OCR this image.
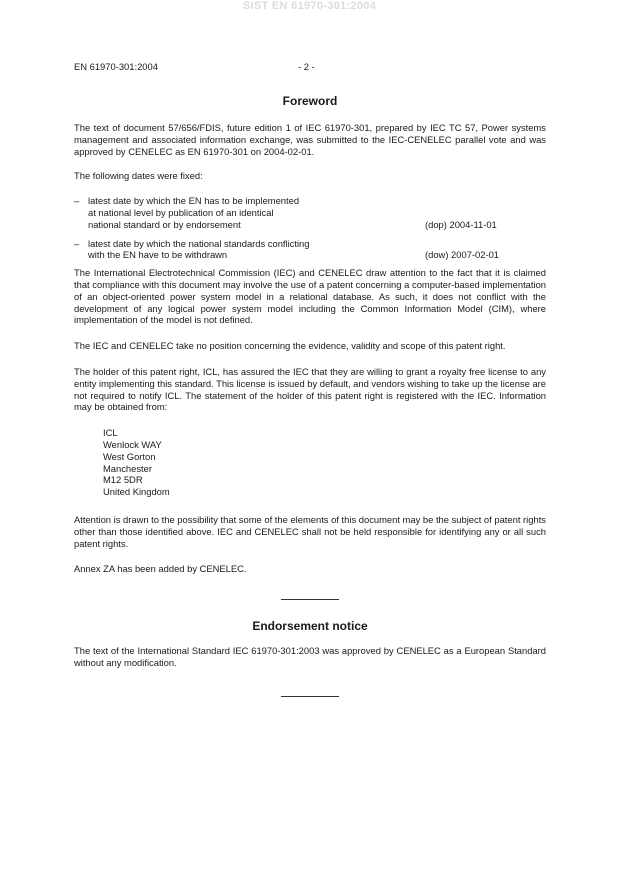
SIST EN 61970-301:2004
EN 61970-301:2004	- 2 -
Foreword

The text of document 57/656/FDIS, future edition 1 of IEC 61970-301, prepared by IEC TC 57, Power systems management and associated information exchange, was submitted to the IEC-CENELEC parallel vote and was approved by CENELEC as EN 61970-301 on 2004-02-01.

The following dates were fixed:

– latest date by which the EN has to be implemented
at national level by publication of an identical
national standard or by endorsement	(dop) 2004-11-01
– latest date by which the national standards conflicting
with the EN have to be withdrawn	(dow) 2007-02-01

The International Electrotechnical Commission (IEC) and CENELEC draw attention to the fact that it is claimed that compliance with this document may involve the use of a patent concerning a computer-based implementation of an object-oriented power system model in a relational database. As such, it does not conflict with the development of any logical power system model including the Common Information Model (CIM), where implementation of the model is not defined.

The IEC and CENELEC take no position concerning the evidence, validity and scope of this patent right.

The holder of this patent right, ICL, has assured the IEC that they are willing to grant a royalty free license to any entity implementing this standard. This license is issued by default, and vendors wishing to take up the license are not required to notify ICL. The statement of the holder of this patent right is registered with the IEC. Information may be obtained from:

ICL
Wenlock WAY
West Gorton
Manchester
M12 5DR
United Kingdom

Attention is drawn to the possibility that some of the elements of this document may be the subject of patent rights other than those identified above. IEC and CENELEC shall not be held responsible for identifying any or all such patent rights.

Annex ZA has been added by CENELEC.

Endorsement notice

The text of the International Standard IEC 61970-301:2003 was approved by CENELEC as a European Standard without any modification.
